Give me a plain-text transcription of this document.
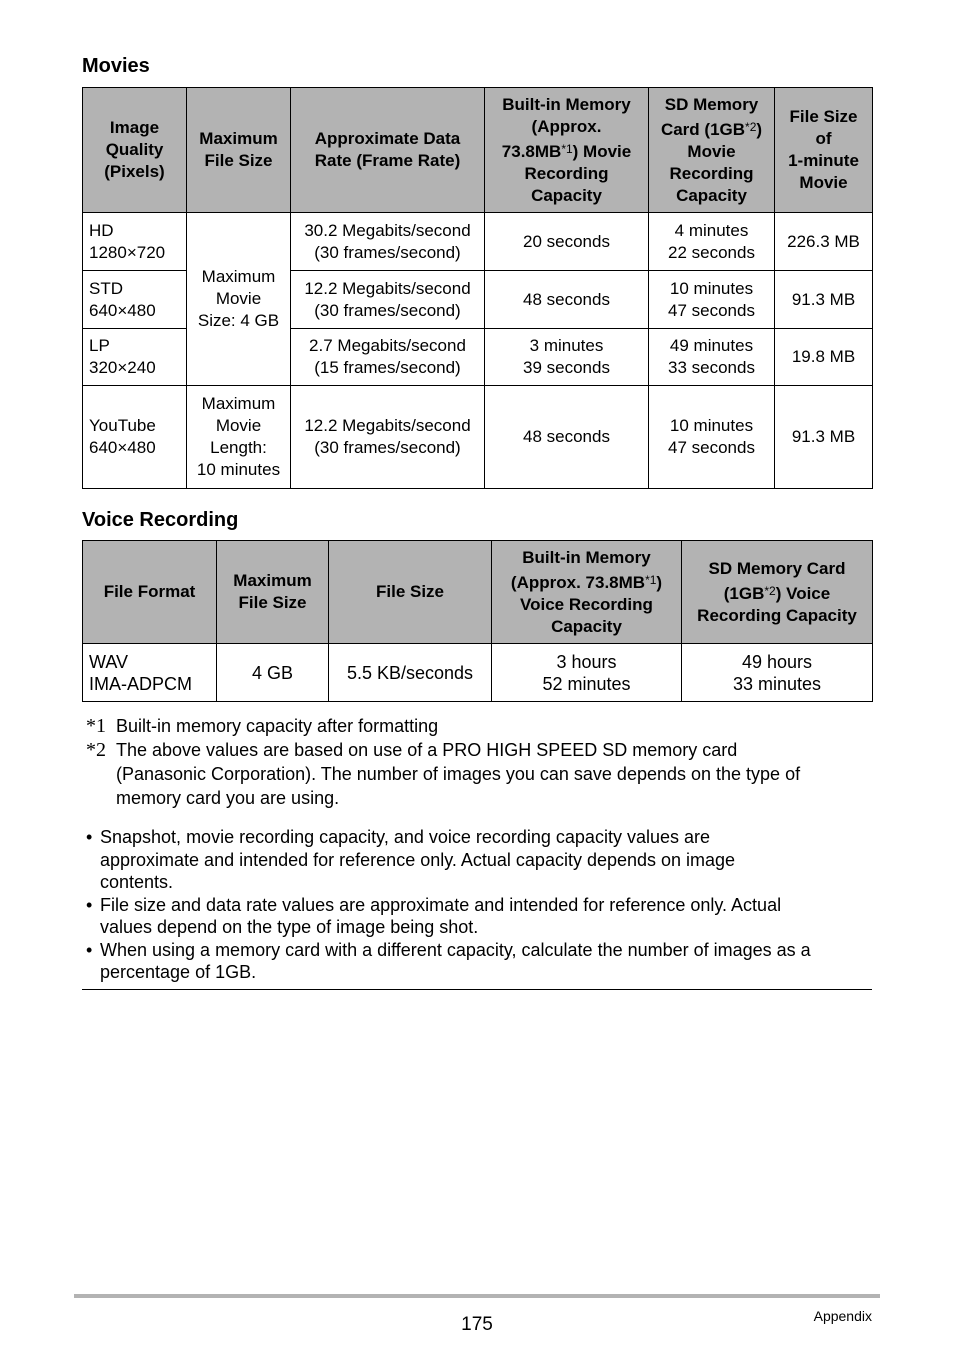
Movies
Image
Quality
(Pixels)	Maximum
File Size	Approximate Data
Rate (Frame Rate)	Built-in Memory
(Approx.
73.8MB$^{*1}$) Movie
Recording
Capacity	SD Memory
Card (1GB$^{*2}$)
Movie
Recording
Capacity	File Size
of
1-minute
Movie

HD
1280×720	Maximum
Movie
Size: 4 GB	30.2 Megabits/second
(30 frames/second)	20 seconds	4 minutes
22 seconds	226.3 MB

STD
640×480		12.2 Megabits/second
(30 frames/second)	48 seconds	10 minutes
47 seconds	91.3 MB

LP
320×240		2.7 Megabits/second
(15 frames/second)	3 minutes
39 seconds	49 minutes
33 seconds	19.8 MB

YouTube
640×480	Maximum
Movie
Length:
10 minutes	12.2 Megabits/second
(30 frames/second)	48 seconds	10 minutes
47 seconds	91.3 MB
Voice Recording
File Format	Maximum
File Size	File Size	Built-in Memory
(Approx. 73.8MB$^{*1}$)
Voice Recording
Capacity	SD Memory Card
(1GB$^{*2}$) Voice
Recording Capacity

WAV
IMA-ADPCM	4 GB	5.5 KB/seconds	3 hours
52 minutes	49 hours
33 minutes

*1 Built-in memory capacity after formatting

*2 The above values are based on use of a PRO HIGH SPEED SD memory card
(Panasonic Corporation). The number of images you can save depends on the type of
memory card you are using.

• Snapshot, movie recording capacity, and voice recording capacity values are
approximate and intended for reference only. Actual capacity depends on image
contents.
• File size and data rate values are approximate and intended for reference only. Actual
values depend on the type of image being shot.
• When using a memory card with a different capacity, calculate the number of images as a
percentage of 1GB.
175	Appendix
